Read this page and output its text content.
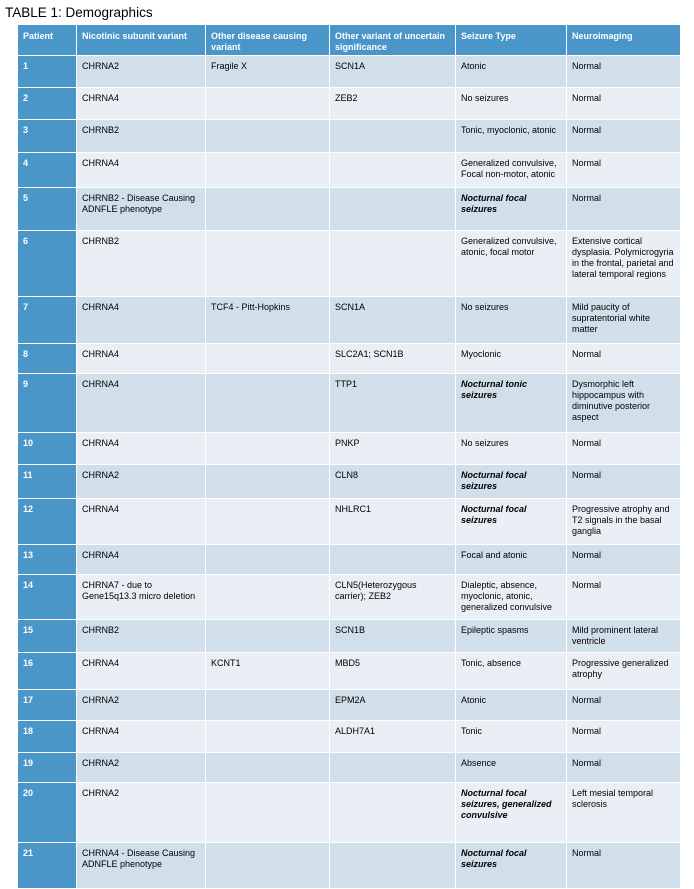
TABLE 1: Demographics
Patient	Nicotinic subunit variant	Other disease causing variant	Other variant of uncertain significance	Seizure Type	Neuroimaging

1	CHRNA2	Fragile X	SCN1A	Atonic	Normal

2	CHRNA4		ZEB2	No seizures	Normal

3	CHRNB2			Tonic, myoclonic, atonic	Normal

4	CHRNA4			Generalized convulsive, Focal non-motor, atonic	Normal

5	CHRNB2 - Disease Causing ADNFLE phenotype			Nocturnal focal seizures	Normal

6	CHRNB2			Generalized convulsive, atonic, focal motor	Extensive cortical dysplasia. Polymicrogyria in the frontal, parietal and lateral temporal regions

7	CHRNA4	TCF4 - Pitt-Hopkins	SCN1A	No seizures	Mild paucity of supratentorial white matter

8	CHRNA4		SLC2A1; SCN1B	Myoclonic	Normal

9	CHRNA4		TTP1	Nocturnal tonic seizures	Dysmorphic left hippocampus with diminutive posterior aspect

10	CHRNA4		PNKP	No seizures	Normal

11	CHRNA2		CLN8	Nocturnal focal seizures	Normal

12	CHRNA4		NHLRC1	Nocturnal focal seizures	Progressive atrophy and T2 signals in the basal ganglia

13	CHRNA4			Focal and atonic	Normal

14	CHRNA7 - due to Gene15q13.3 micro deletion		CLN5(Heterozygous carrier); ZEB2	Dialeptic, absence, myoclonic, atonic, generalized convulsive	Normal

15	CHRNB2		SCN1B	Epileptic spasms	Mild prominent lateral ventricle

16	CHRNA4	KCNT1	MBD5	Tonic, absence	Progressive generalized atrophy

17	CHRNA2		EPM2A	Atonic	Normal

18	CHRNA4		ALDH7A1	Tonic	Normal

19	CHRNA2			Absence	Normal

20	CHRNA2			Nocturnal focal seizures, generalized convulsive	Left mesial temporal sclerosis

21	CHRNA4 - Disease Causing ADNFLE phenotype			Nocturnal focal seizures	Normal
